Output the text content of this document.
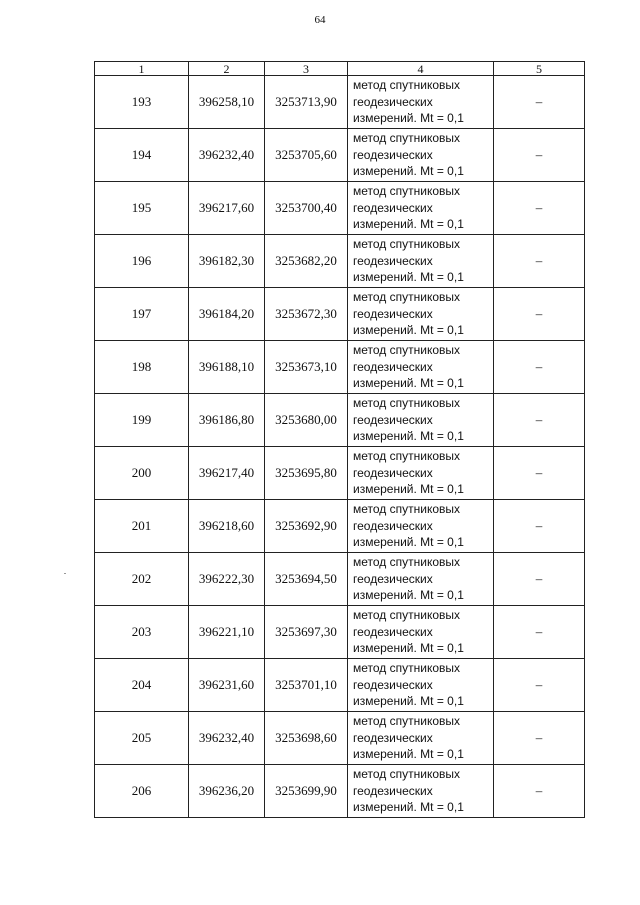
64
1	2	3	4	5
193	396258,10	3253713,90	метод спутниковых
геодезических
измерений. Mt = 0,1	–
194	396232,40	3253705,60	метод спутниковых
геодезических
измерений. Mt = 0,1	–
195	396217,60	3253700,40	метод спутниковых
геодезических
измерений. Mt = 0,1	–
196	396182,30	3253682,20	метод спутниковых
геодезических
измерений. Mt = 0,1	–
197	396184,20	3253672,30	метод спутниковых
геодезических
измерений. Mt = 0,1	–
198	396188,10	3253673,10	метод спутниковых
геодезических
измерений. Mt = 0,1	–
199	396186,80	3253680,00	метод спутниковых
геодезических
измерений. Mt = 0,1	–
200	396217,40	3253695,80	метод спутниковых
геодезических
измерений. Mt = 0,1	–
201	396218,60	3253692,90	метод спутниковых
геодезических
измерений. Mt = 0,1	–
202	396222,30	3253694,50	метод спутниковых
геодезических
измерений. Mt = 0,1	–
203	396221,10	3253697,30	метод спутниковых
геодезических
измерений. Mt = 0,1	–
204	396231,60	3253701,10	метод спутниковых
геодезических
измерений. Mt = 0,1	–
205	396232,40	3253698,60	метод спутниковых
геодезических
измерений. Mt = 0,1	–
206	396236,20	3253699,90	метод спутниковых
геодезических
измерений. Mt = 0,1	–
